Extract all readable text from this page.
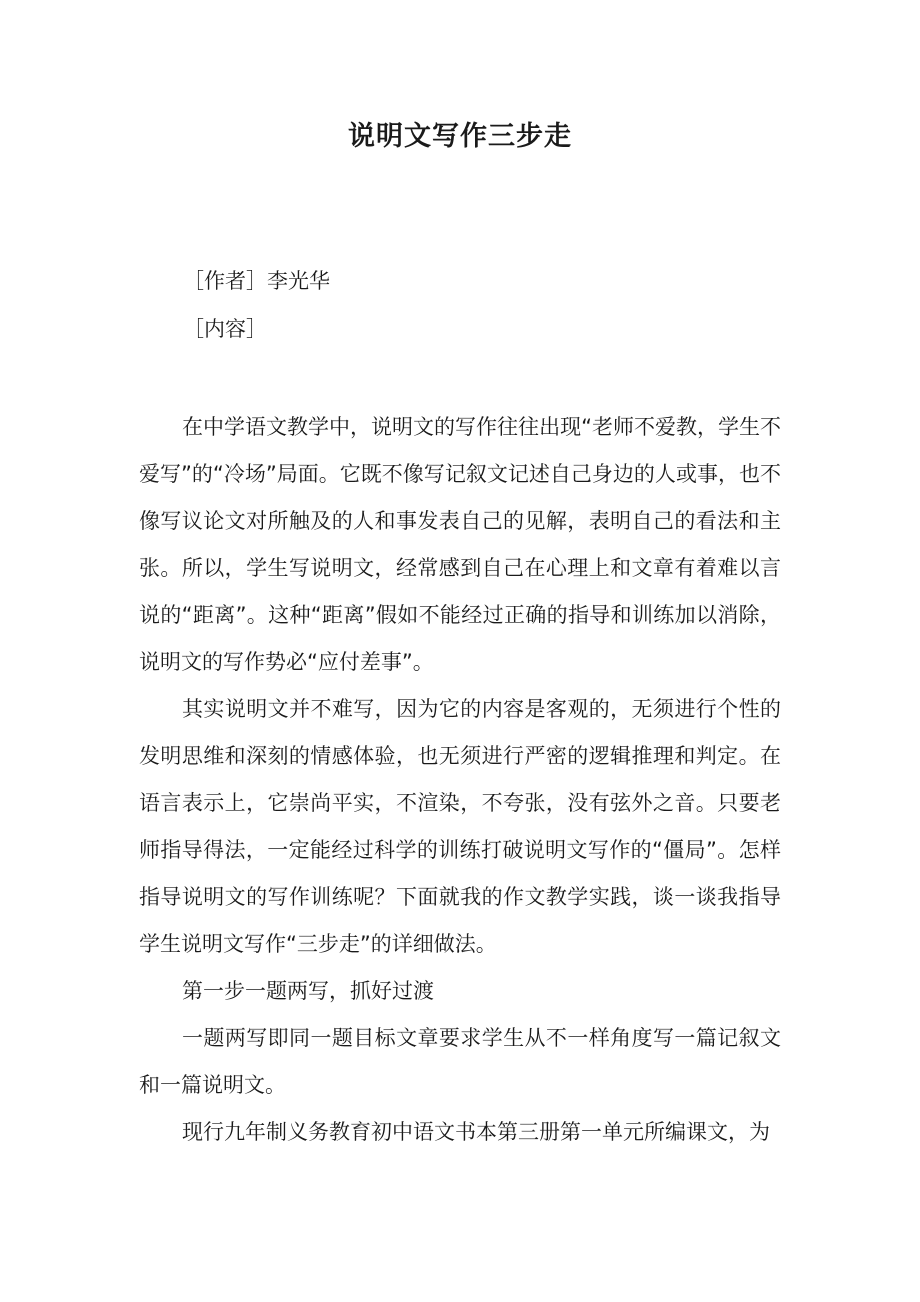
说明文写作三步走
［作者］李光华
［内容］

在中学语文教学中，说明文的写作往往出现“老师不爱教，学生不爱写”的“冷场”局面。它既不像写记叙文记述自己身边的人或事，也不像写议论文对所触及的人和事发表自己的见解，表明自己的看法和主张。所以，学生写说明文，经常感到自己在心理上和文章有着难以言说的“距离”。这种“距离”假如不能经过正确的指导和训练加以消除，说明文的写作势必“应付差事”。

其实说明文并不难写，因为它的内容是客观的，无须进行个性的发明思维和深刻的情感体验，也无须进行严密的逻辑推理和判定。在语言表示上，它崇尚平实，不渲染，不夸张，没有弦外之音。只要老师指导得法，一定能经过科学的训练打破说明文写作的“僵局”。怎样指导说明文的写作训练呢？下面就我的作文教学实践，谈一谈我指导学生说明文写作“三步走”的详细做法。

第一步一题两写，抓好过渡

一题两写即同一题目标文章要求学生从不一样角度写一篇记叙文和一篇说明文。

现行九年制义务教育初中语文书本第三册第一单元所编课文，为
